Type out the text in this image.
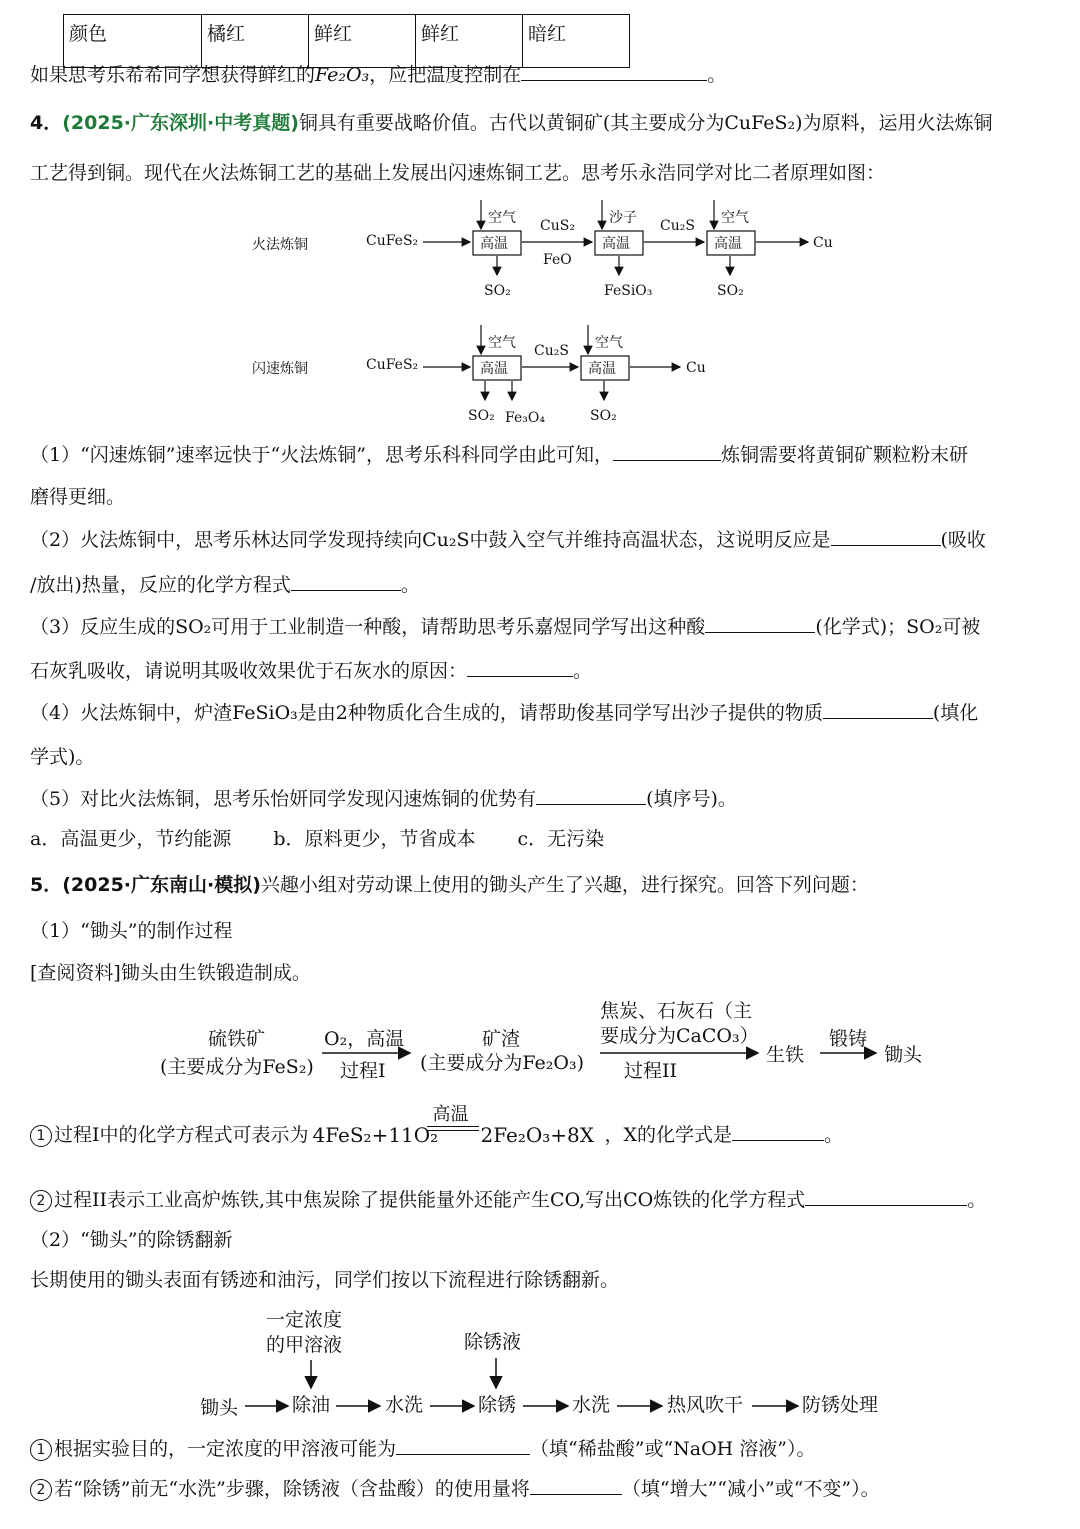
颜色	橘红	鲜红	鲜红	暗红
如果思考乐希希同学想获得鲜红的Fe₂O₃，应把温度控制在	。
4．(2025·广东深圳·中考真题)铜具有重要战略价值。古代以黄铜矿(其主要成分为CuFeS₂)为原料，运用火法炼铜
工艺得到铜。现代在火法炼铜工艺的基础上发展出闪速炼铜工艺。思考乐永浩同学对比二者原理如图：
火法炼铜	CuFeS₂	高温
空气
SO₂
CuS₂
FeO
高温
沙子
FeSiO₃
Cu₂S
高温
空气
SO₂
Cu
闪速炼铜	CuFeS₂	高温
空气
SO₂ Fe₃O₄
Cu₂S
高温
空气
SO₂
Cu
（1）“闪速炼铜”速率远快于“火法炼铜”，思考乐科科同学由此可知，	炼铜需要将黄铜矿颗粒粉末研
磨得更细。
（2）火法炼铜中，思考乐林达同学发现持续向Cu₂S中鼓入空气并维持高温状态，这说明反应是	(吸收
/放出)热量，反应的化学方程式	。
（3）反应生成的SO₂可用于工业制造一种酸，请帮助思考乐嘉煜同学写出这种酸	(化学式)；SO₂可被
石灰乳吸收，请说明其吸收效果优于石灰水的原因：	。
（4）火法炼铜中，炉渣FeSiO₃是由2种物质化合生成的，请帮助俊基同学写出沙子提供的物质	(填化
学式)。
（5）对比火法炼铜，思考乐怡妍同学发现闪速炼铜的优势有	(填序号)。
a．高温更少，节约能源 b．原料更少，节省成本 c．无污染
5．(2025·广东南山·模拟)兴趣小组对劳动课上使用的锄头产生了兴趣，进行探究。回答下列问题：
（1）“锄头”的制作过程
[查阅资料]锄头由生铁锻造制成。
硫铁矿
(主要成分为FeS₂)
O₂，高温
过程I
矿渣
(主要成分为Fe₂O₃)
焦炭、石灰石（主
要成分为CaCO₃）
过程II
生铁
锻铸
锄头
1 过程I中的化学方程式可表示为 4FeS₂+11O₂
高温
2Fe₂O₃+8X ，X的化学式是	。
2 过程II表示工业高炉炼铁,其中焦炭除了提供能量外还能产生CO,写出CO炼铁的化学方程式	。
（2）“锄头”的除锈翻新
长期使用的锄头表面有锈迹和油污，同学们按以下流程进行除锈翻新。
一定浓度
的甲溶液	除锈液
锄头	除油	水洗	除锈	水洗	热风吹干	防锈处理
1 根据实验目的，一定浓度的甲溶液可能为	（填“稀盐酸”或“NaOH 溶液”）。
2 若“除锈”前无“水洗”步骤，除锈液（含盐酸）的使用量将	（填“增大”“减小”或“不变”）。
